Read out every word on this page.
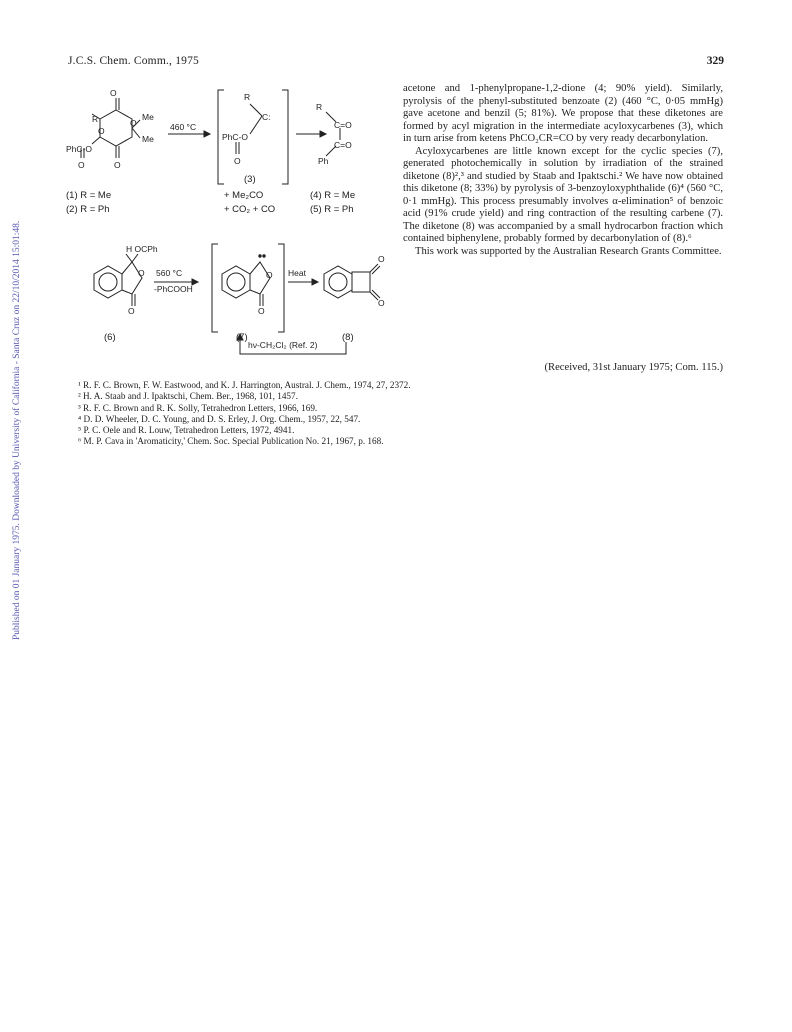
Published on 01 January 1975. Downloaded by University of California - Santa Cruz on 22/10/2014 15:01:48.
J.C.S. Chem. Comm., 1975	329
O
R	Me
Me
O
O
PhC-O
O	O
460 °C
R
C:
PhC-O
O
R
C=O
C=O
Ph
H OCPh
O
O
560 °C
-PhCOOH
O
O
Heat
O
O
hν-CH₂Cl₂ (Ref. 2)
(1) R = Me
(2) R = Ph
(3)
+ Me₂CO
+ CO₂ + CO
(4) R = Me
(5) R = Ph
(6)	(7)	(8)

acetone and 1-phenylpropane-1,2-dione (4; 90% yield). Similarly, pyrolysis of the phenyl-substituted benzoate (2) (460 °C, 0·05 mmHg) gave acetone and benzil (5; 81%). We propose that these diketones are formed by acyl migration in the intermediate acyloxycarbenes (3), which in turn arise from ketens PhCO₂CR=CO by very ready decarbonylation.

Acyloxycarbenes are little known except for the cyclic species (7), generated photochemically in solution by irradiation of the strained diketone (8)²,³ and studied by Staab and Ipaktschi.² We have now obtained this diketone (8; 33%) by pyrolysis of 3-benzoyloxyphthalide (6)⁴ (560 °C, 0·1 mmHg). This process presumably involves α-elimination⁵ of benzoic acid (91% crude yield) and ring contraction of the resulting carbene (7). The diketone (8) was accompanied by a small hydrocarbon fraction which contained biphenylene, probably formed by decarbonylation of (8).⁶

This work was supported by the Australian Research Grants Committee.

(Received, 31st January 1975; Com. 115.)
¹ R. F. C. Brown, F. W. Eastwood, and K. J. Harrington, Austral. J. Chem., 1974, 27, 2372.
² H. A. Staab and J. Ipaktschi, Chem. Ber., 1968, 101, 1457.
³ R. F. C. Brown and R. K. Solly, Tetrahedron Letters, 1966, 169.
⁴ D. D. Wheeler, D. C. Young, and D. S. Erley, J. Org. Chem., 1957, 22, 547.
⁵ P. C. Oele and R. Louw, Tetrahedron Letters, 1972, 4941.
⁶ M. P. Cava in 'Aromaticity,' Chem. Soc. Special Publication No. 21, 1967, p. 168.
